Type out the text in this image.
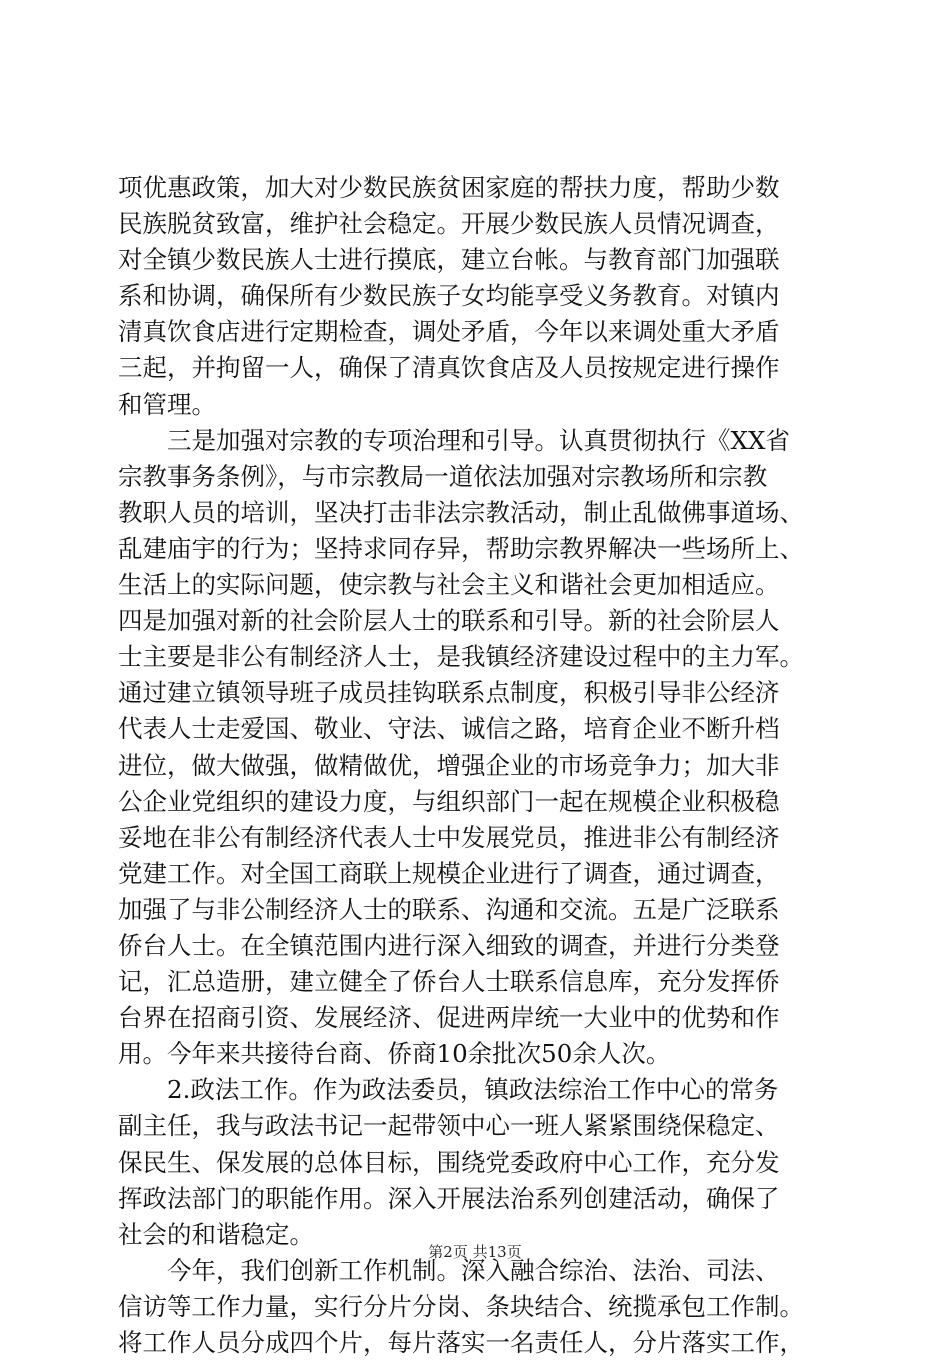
项优惠政策，加大对少数民族贫困家庭的帮扶力度，帮助少数
民族脱贫致富，维护社会稳定。开展少数民族人员情况调查，
对全镇少数民族人士进行摸底，建立台帐。与教育部门加强联
系和协调，确保所有少数民族子女均能享受义务教育。对镇内
清真饮食店进行定期检查，调处矛盾，今年以来调处重大矛盾
三起，并拘留一人，确保了清真饮食店及人员按规定进行操作
和管理。
　　三是加强对宗教的专项治理和引导。认真贯彻执行《XX省
宗教事务条例》，与市宗教局一道依法加强对宗教场所和宗教
教职人员的培训，坚决打击非法宗教活动，制止乱做佛事道场、
乱建庙宇的行为；坚持求同存异，帮助宗教界解决一些场所上、
生活上的实际问题，使宗教与社会主义和谐社会更加相适应。
四是加强对新的社会阶层人士的联系和引导。新的社会阶层人
士主要是非公有制经济人士，是我镇经济建设过程中的主力军。
通过建立镇领导班子成员挂钩联系点制度，积极引导非公经济
代表人士走爱国、敬业、守法、诚信之路，培育企业不断升档
进位，做大做强，做精做优，增强企业的市场竞争力；加大非
公企业党组织的建设力度，与组织部门一起在规模企业积极稳
妥地在非公有制经济代表人士中发展党员，推进非公有制经济
党建工作。对全国工商联上规模企业进行了调查，通过调查，
加强了与非公制经济人士的联系、沟通和交流。五是广泛联系
侨台人士。在全镇范围内进行深入细致的调查，并进行分类登
记，汇总造册，建立健全了侨台人士联系信息库，充分发挥侨
台界在招商引资、发展经济、促进两岸统一大业中的优势和作
用。今年来共接待台商、侨商10余批次50余人次。
　　2.政法工作。作为政法委员，镇政法综治工作中心的常务
副主任，我与政法书记一起带领中心一班人紧紧围绕保稳定、
保民生、保发展的总体目标，围绕党委政府中心工作，充分发
挥政法部门的职能作用。深入开展法治系列创建活动，确保了
社会的和谐稳定。
　　今年，我们创新工作机制。深入融合综治、法治、司法、
信访等工作力量，实行分片分岗、条块结合、统揽承包工作制。
将工作人员分成四个片，每片落实一名责任人，分片落实工作，
第2页 共13页
